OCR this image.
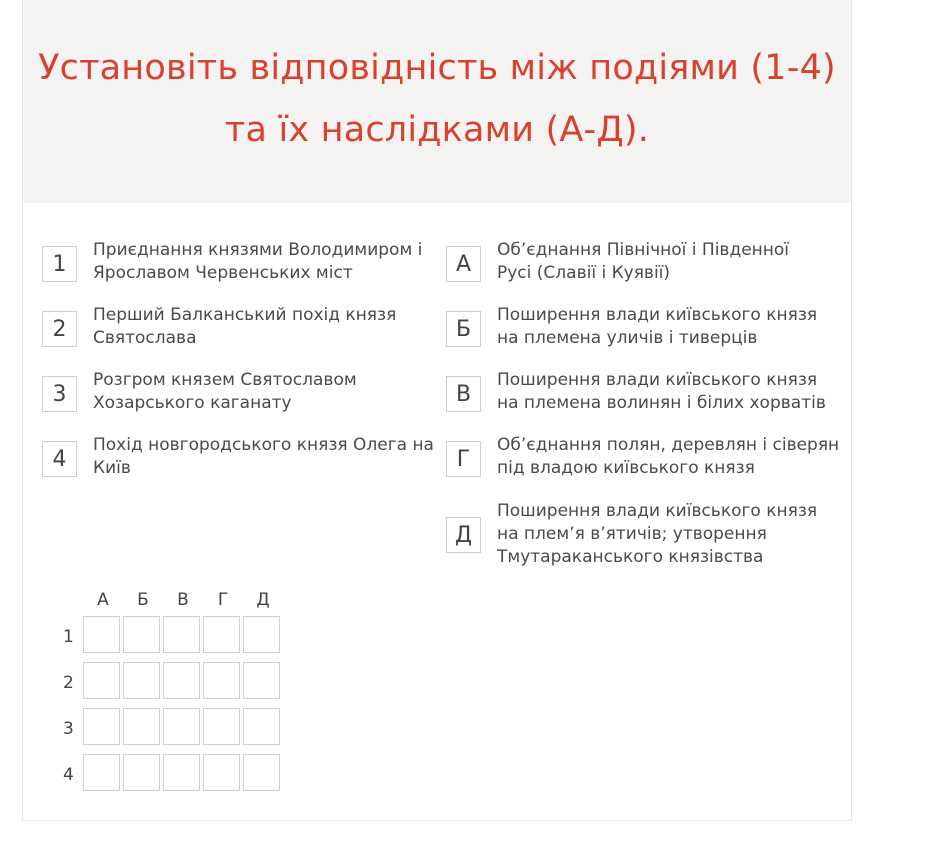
Установіть відповідність між подіями (1-4)
та їх наслідками (А-Д).
1
Приєднання князями Володимиром і
Ярославом Червенських міст
2
Перший Балканський похід князя
Святослава
3
Розгром князем Святославом
Хозарського каганату
4
Похід новгородського князя Олега на
Київ
А
Об’єднання Північної і Південної
Русі (Славії і Куявії)
Б
Поширення влади київського князя
на племена уличів і тиверців
В
Поширення влади київського князя
на племена волинян і білих хорватів
Г
Об’єднання полян, деревлян і сіверян
під владою київського князя
Д
Поширення влади київського князя
на плем’я в’ятичів; утворення
Тмутараканського князівства
А	Б	В	Г	Д
1
2
3
4
